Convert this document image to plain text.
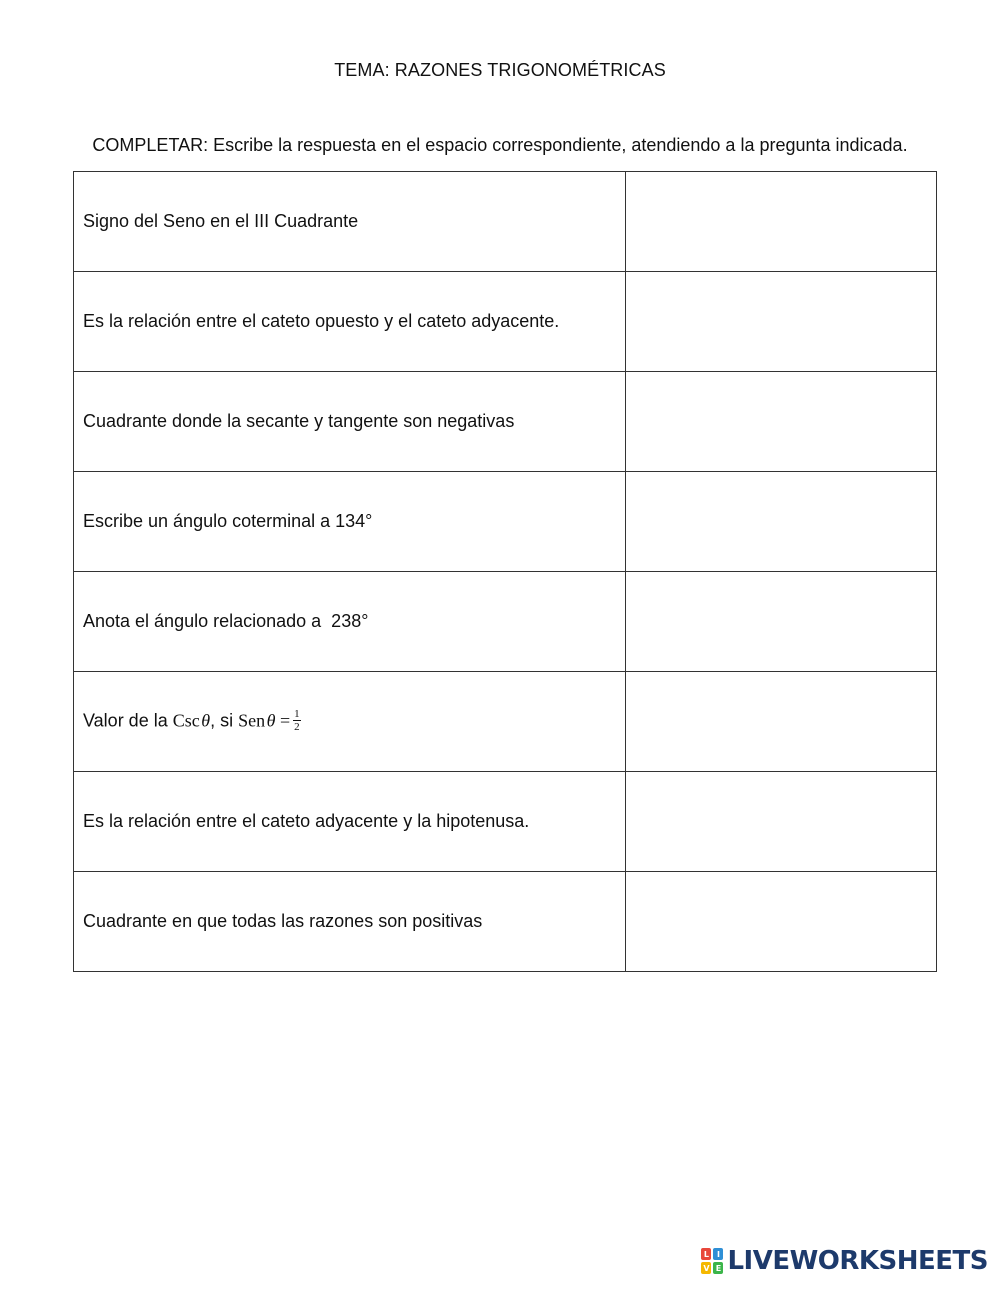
TEMA: RAZONES TRIGONOMÉTRICAS
COMPLETAR: Escribe la respuesta en el espacio correspondiente, atendiendo a la pregunta indicada.
Signo del Seno en el III Cuadrante	
Es la relación entre el cateto opuesto y el cateto adyacente.	
Cuadrante donde la secante y tangente son negativas	
Escribe un ángulo coterminal a 134°	
Anota el ángulo relacionado a  238°	
Valor de la Csc θ, si Sen $\theta = \frac{1}{2}$

Es la relación entre el cateto adyacente y la hipotenusa.	
Cuadrante en que todas las razones son positivas	
L I
V E LIVEWORKSHEETS
